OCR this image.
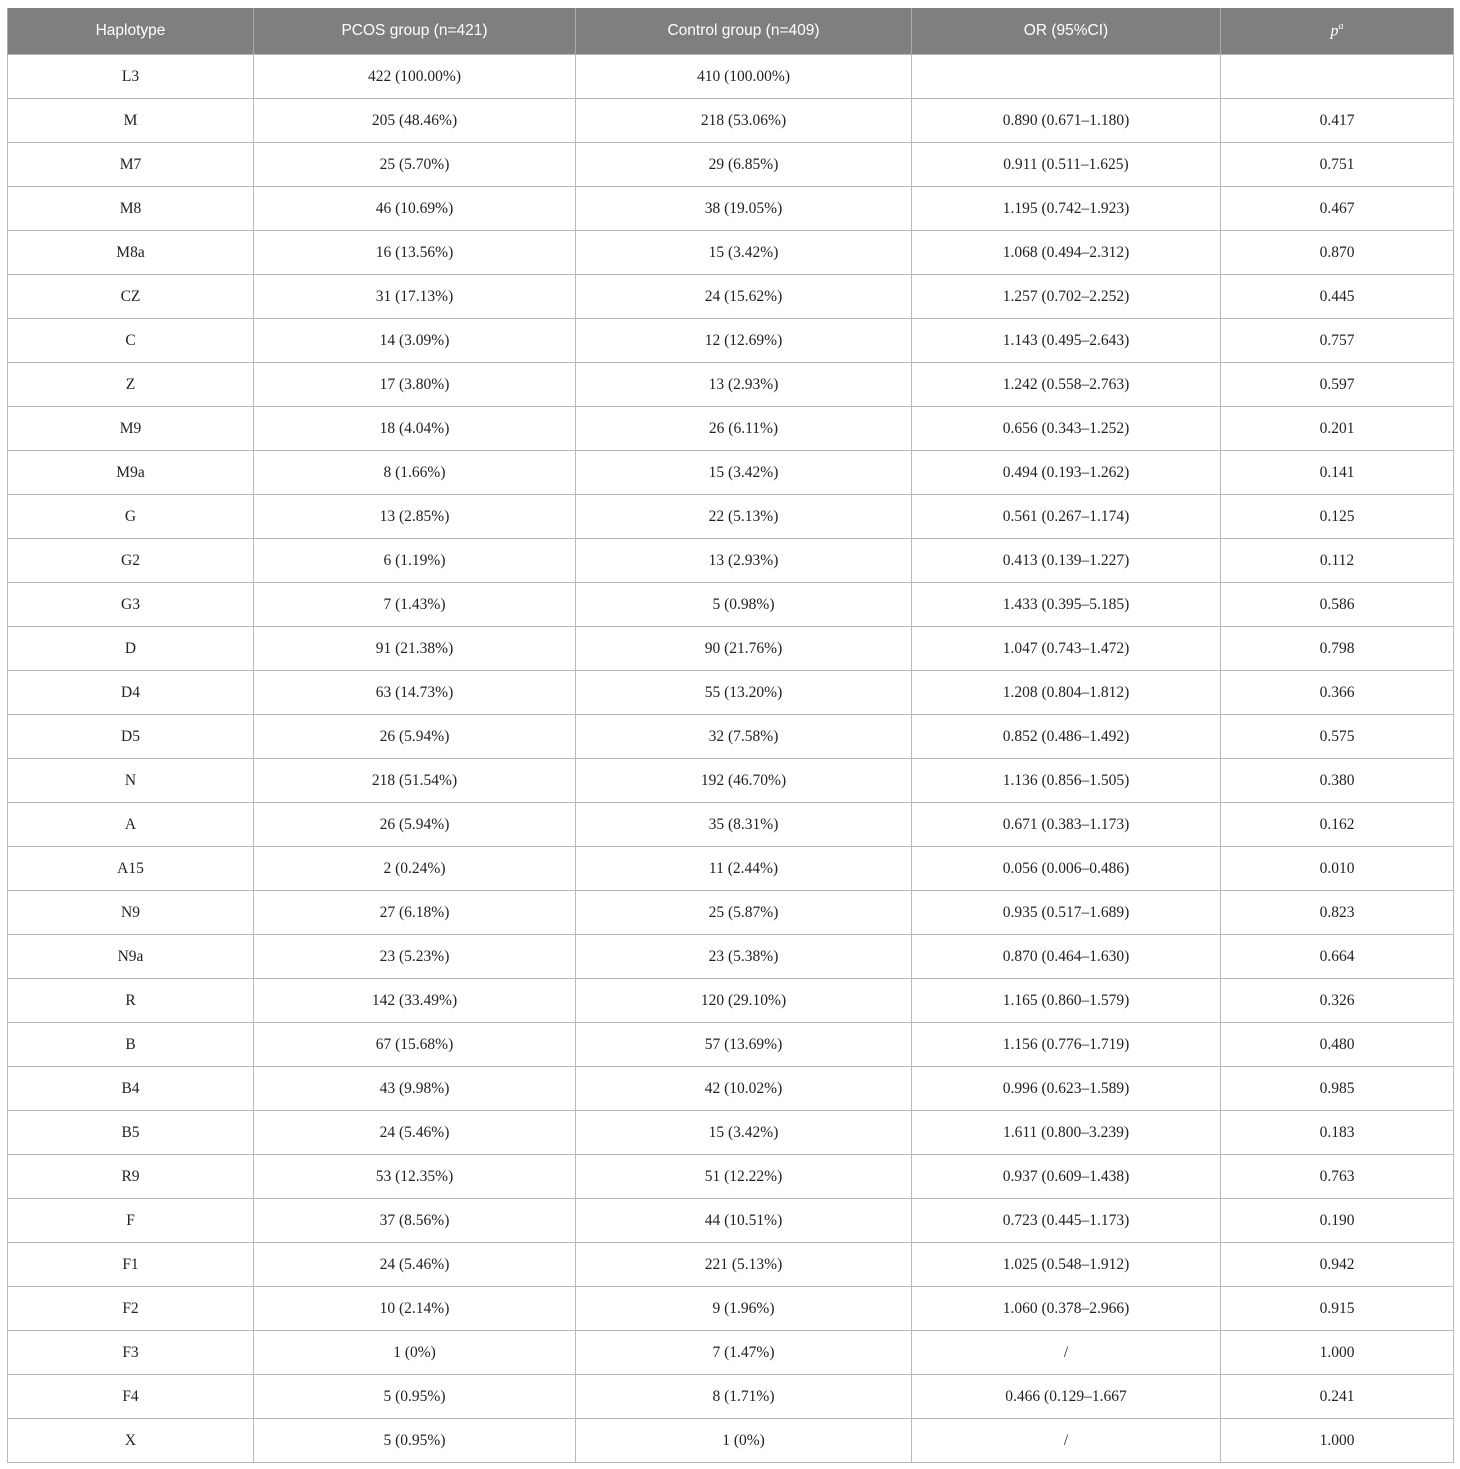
Haplotype	PCOS group (n=421)	Control group (n=409)	OR (95%CI)	$p^a$
L3	422 (100.00%)	410 (100.00%)		
M	205 (48.46%)	218 (53.06%)	0.890 (0.671–1.180)	0.417
M7	25 (5.70%)	29 (6.85%)	0.911 (0.511–1.625)	0.751
M8	46 (10.69%)	38 (19.05%)	1.195 (0.742–1.923)	0.467
M8a	16 (13.56%)	15 (3.42%)	1.068 (0.494–2.312)	0.870
CZ	31 (17.13%)	24 (15.62%)	1.257 (0.702–2.252)	0.445
C	14 (3.09%)	12 (12.69%)	1.143 (0.495–2.643)	0.757
Z	17 (3.80%)	13 (2.93%)	1.242 (0.558–2.763)	0.597
M9	18 (4.04%)	26 (6.11%)	0.656 (0.343–1.252)	0.201
M9a	8 (1.66%)	15 (3.42%)	0.494 (0.193–1.262)	0.141
G	13 (2.85%)	22 (5.13%)	0.561 (0.267–1.174)	0.125
G2	6 (1.19%)	13 (2.93%)	0.413 (0.139–1.227)	0.112
G3	7 (1.43%)	5 (0.98%)	1.433 (0.395–5.185)	0.586
D	91 (21.38%)	90 (21.76%)	1.047 (0.743–1.472)	0.798
D4	63 (14.73%)	55 (13.20%)	1.208 (0.804–1.812)	0.366
D5	26 (5.94%)	32 (7.58%)	0.852 (0.486–1.492)	0.575
N	218 (51.54%)	192 (46.70%)	1.136 (0.856–1.505)	0.380
A	26 (5.94%)	35 (8.31%)	0.671 (0.383–1.173)	0.162
A15	2 (0.24%)	11 (2.44%)	0.056 (0.006–0.486)	0.010
N9	27 (6.18%)	25 (5.87%)	0.935 (0.517–1.689)	0.823
N9a	23 (5.23%)	23 (5.38%)	0.870 (0.464–1.630)	0.664
R	142 (33.49%)	120 (29.10%)	1.165 (0.860–1.579)	0.326
B	67 (15.68%)	57 (13.69%)	1.156 (0.776–1.719)	0.480
B4	43 (9.98%)	42 (10.02%)	0.996 (0.623–1.589)	0.985
B5	24 (5.46%)	15 (3.42%)	1.611 (0.800–3.239)	0.183
R9	53 (12.35%)	51 (12.22%)	0.937 (0.609–1.438)	0.763
F	37 (8.56%)	44 (10.51%)	0.723 (0.445–1.173)	0.190
F1	24 (5.46%)	221 (5.13%)	1.025 (0.548–1.912)	0.942
F2	10 (2.14%)	9 (1.96%)	1.060 (0.378–2.966)	0.915
F3	1 (0%)	7 (1.47%)	/	1.000
F4	5 (0.95%)	8 (1.71%)	0.466 (0.129–1.667	0.241
X	5 (0.95%)	1 (0%)	/	1.000
